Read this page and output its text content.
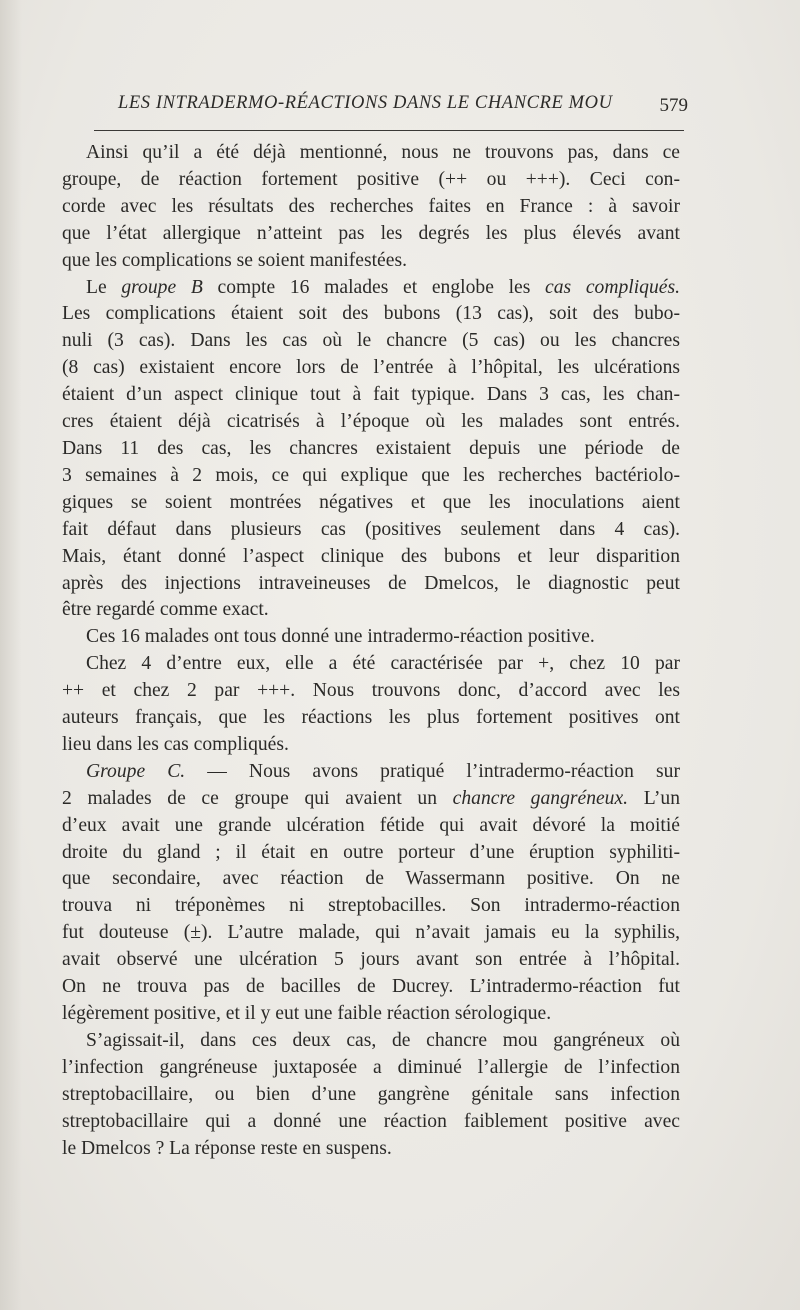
LES INTRADERMO-RÉACTIONS DANS LE CHANCRE MOU 579

Ainsi qu’il a été déjà mentionné, nous ne trouvons pas, dans ce
groupe, de réaction fortement positive (++ ou +++). Ceci con-
corde avec les résultats des recherches faites en France : à savoir
que l’état allergique n’atteint pas les degrés les plus élevés avant

que les complications se soient manifestées.

Le groupe B compte 16 malades et englobe les cas compliqués.
Les complications étaient soit des bubons (13 cas), soit des bubo-
nuli (3 cas). Dans les cas où le chancre (5 cas) ou les chancres
(8 cas) existaient encore lors de l’entrée à l’hôpital, les ulcérations
étaient d’un aspect clinique tout à fait typique. Dans 3 cas, les chan-
cres étaient déjà cicatrisés à l’époque où les malades sont entrés.
Dans 11 des cas, les chancres existaient depuis une période de
3 semaines à 2 mois, ce qui explique que les recherches bactériolo-
giques se soient montrées négatives et que les inoculations aient
fait défaut dans plusieurs cas (positives seulement dans 4 cas).
Mais, étant donné l’aspect clinique des bubons et leur disparition
après des injections intraveineuses de Dmelcos, le diagnostic peut

être regardé comme exact.

Ces 16 malades ont tous donné une intradermo-réaction positive.

Chez 4 d’entre eux, elle a été caractérisée par +, chez 10 par
++ et chez 2 par +++. Nous trouvons donc, d’accord avec les
auteurs français, que les réactions les plus fortement positives ont

lieu dans les cas compliqués.

Groupe C. — Nous avons pratiqué l’intradermo-réaction sur
2 malades de ce groupe qui avaient un chancre gangréneux. L’un
d’eux avait une grande ulcération fétide qui avait dévoré la moitié
droite du gland ; il était en outre porteur d’une éruption syphiliti-
que secondaire, avec réaction de Wassermann positive. On ne
trouva ni tréponèmes ni streptobacilles. Son intradermo-réaction
fut douteuse (±). L’autre malade, qui n’avait jamais eu la syphilis,
avait observé une ulcération 5 jours avant son entrée à l’hôpital.
On ne trouva pas de bacilles de Ducrey. L’intradermo-réaction fut

légèrement positive, et il y eut une faible réaction sérologique.

S’agissait-il, dans ces deux cas, de chancre mou gangréneux où
l’infection gangréneuse juxtaposée a diminué l’allergie de l’infection
streptobacillaire, ou bien d’une gangrène génitale sans infection
streptobacillaire qui a donné une réaction faiblement positive avec

le Dmelcos ? La réponse reste en suspens.
